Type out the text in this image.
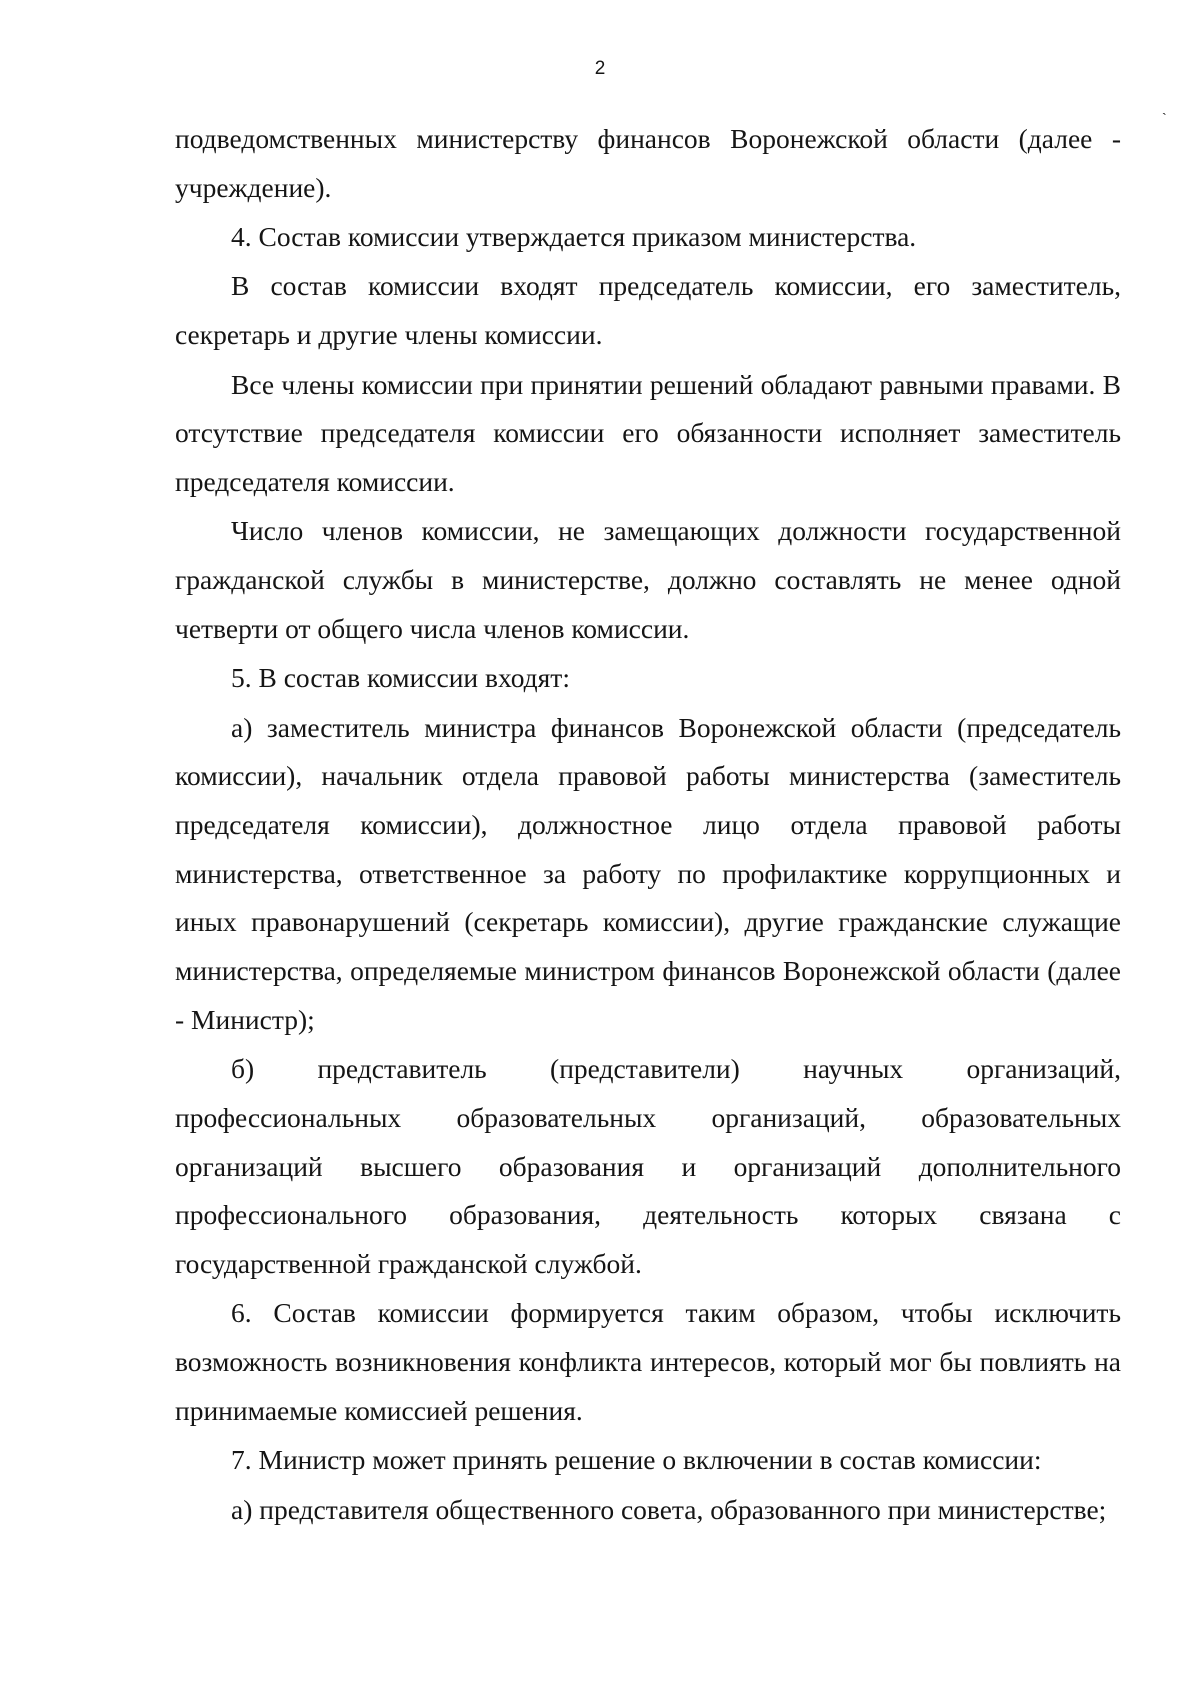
2
ˏ

подведомственных министерству финансов Воронежской области (далее - учреждение).

4. Состав комиссии утверждается приказом министерства.

В состав комиссии входят председатель комиссии, его заместитель, секретарь и другие члены комиссии.

Все члены комиссии при принятии решений обладают равными правами. В отсутствие председателя комиссии его обязанности исполняет заместитель председателя комиссии.

Число членов комиссии, не замещающих должности государственной гражданской службы в министерстве, должно составлять не менее одной четверти от общего числа членов комиссии.

5. В состав комиссии входят:

а) заместитель министра финансов Воронежской области (председатель комиссии), начальник отдела правовой работы министерства (заместитель председателя комиссии), должностное лицо отдела правовой работы министерства, ответственное за работу по профилактике коррупционных и иных правонарушений (секретарь комиссии), другие гражданские служащие министерства, определяемые министром финансов Воронежской области (далее - Министр);

б) представитель (представители) научных организаций, профессиональных образовательных организаций, образовательных организаций высшего образования и организаций дополнительного профессионального образования, деятельность которых связана с государственной гражданской службой.

6. Состав комиссии формируется таким образом, чтобы исключить возможность возникновения конфликта интересов, который мог бы повлиять на принимаемые комиссией решения.

7. Министр может принять решение о включении в состав комиссии:

а) представителя общественного совета, образованного при министерстве;
